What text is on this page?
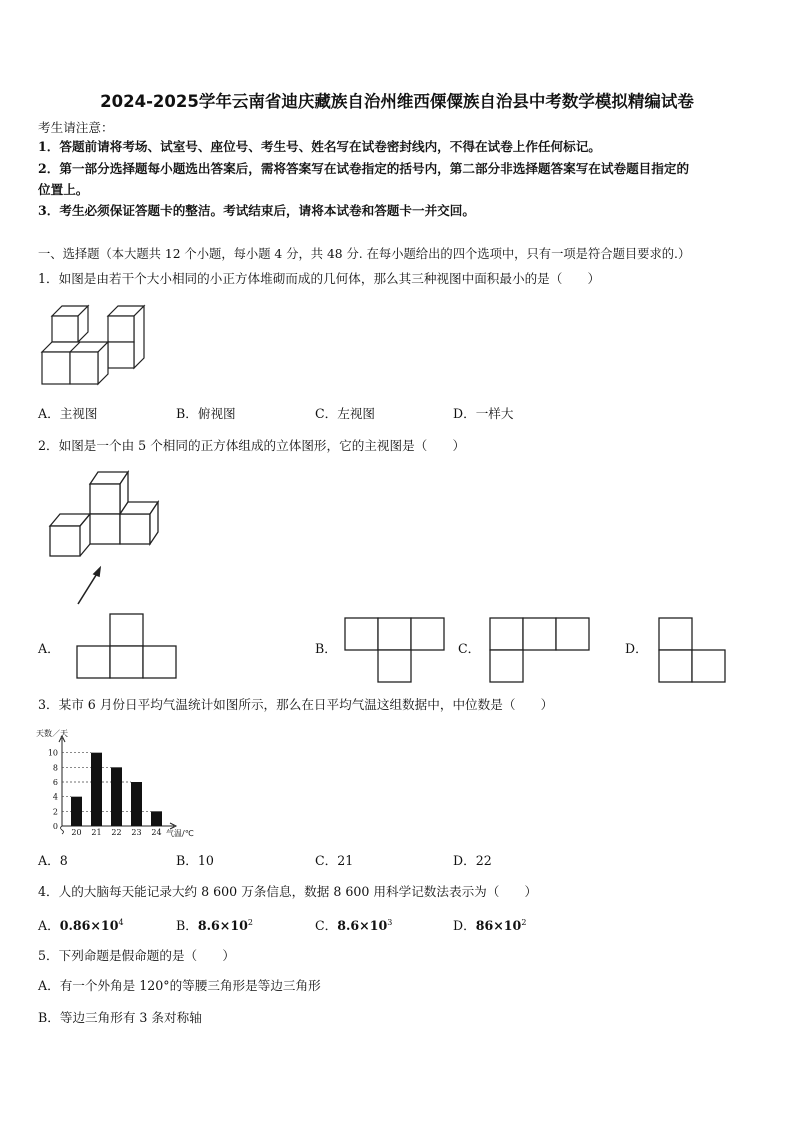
2024-2025学年云南省迪庆藏族自治州维西傈僳族自治县中考数学模拟精编试卷
考生请注意：
1．答题前请将考场、试室号、座位号、考生号、姓名写在试卷密封线内，不得在试卷上作任何标记。
2．第一部分选择题每小题选出答案后，需将答案写在试卷指定的括号内，第二部分非选择题答案写在试卷题目指定的
位置上。
3．考生必须保证答题卡的整洁。考试结束后，请将本试卷和答题卡一并交回。
一、选择题（本大题共 12 个小题，每小题 4 分，共 48 分. 在每小题给出的四个选项中，只有一项是符合题目要求的.）
1．如图是由若干个大小相同的小正方体堆砌而成的几何体，那么其三种视图中面积最小的是（　　）
A．主视图	B．俯视图	C．左视图	D．一样大
2．如图是一个由 5 个相同的正方体组成的立体图形，它的主视图是（　　）
A．	B．	C．	D．
3．某市 6 月份日平均气温统计如图所示，那么在日平均气温这组数据中，中位数是（　　）
天数／天
0
2
4
6
8
10
20 21 22 23 24 气温/℃
A．8	B．10	C．21	D．22
4．人的大脑每天能记录大约 8 600 万条信息，数据 8 600 用科学记数法表示为（　　）
A．$0.86\times 10^4$	B．$8.6\times 10^2$	C．$8.6\times 10^3$	D．$86\times 10^2$
5．下列命题是假命题的是（　　）
A．有一个外角是 120°的等腰三角形是等边三角形
B．等边三角形有 3 条对称轴
